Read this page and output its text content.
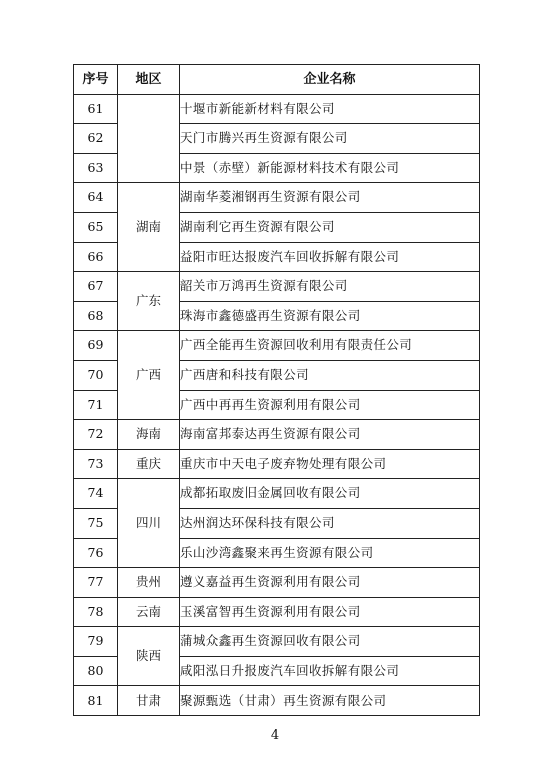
序号	地区	企业名称
61		十堰市新能新材料有限公司
62		天门市腾兴再生资源有限公司
63		中景（赤壁）新能源材料技术有限公司
64	湖南	湖南华菱湘钢再生资源有限公司
65		湖南利它再生资源有限公司
66		益阳市旺达报废汽车回收拆解有限公司
67	广东	韶关市万鸿再生资源有限公司
68		珠海市鑫德盛再生资源有限公司
69	广西	广西全能再生资源回收利用有限责任公司
70		广西唐和科技有限公司
71		广西中再再生资源利用有限公司
72	海南	海南富邦泰达再生资源有限公司
73	重庆	重庆市中天电子废弃物处理有限公司
74	四川	成都拓取废旧金属回收有限公司
75		达州润达环保科技有限公司
76		乐山沙湾鑫聚来再生资源有限公司
77	贵州	遵义嘉益再生资源利用有限公司
78	云南	玉溪富智再生资源利用有限公司
79	陕西	蒲城众鑫再生资源回收有限公司
80		咸阳泓日升报废汽车回收拆解有限公司
81	甘肃	聚源甄选（甘肃）再生资源有限公司
4
